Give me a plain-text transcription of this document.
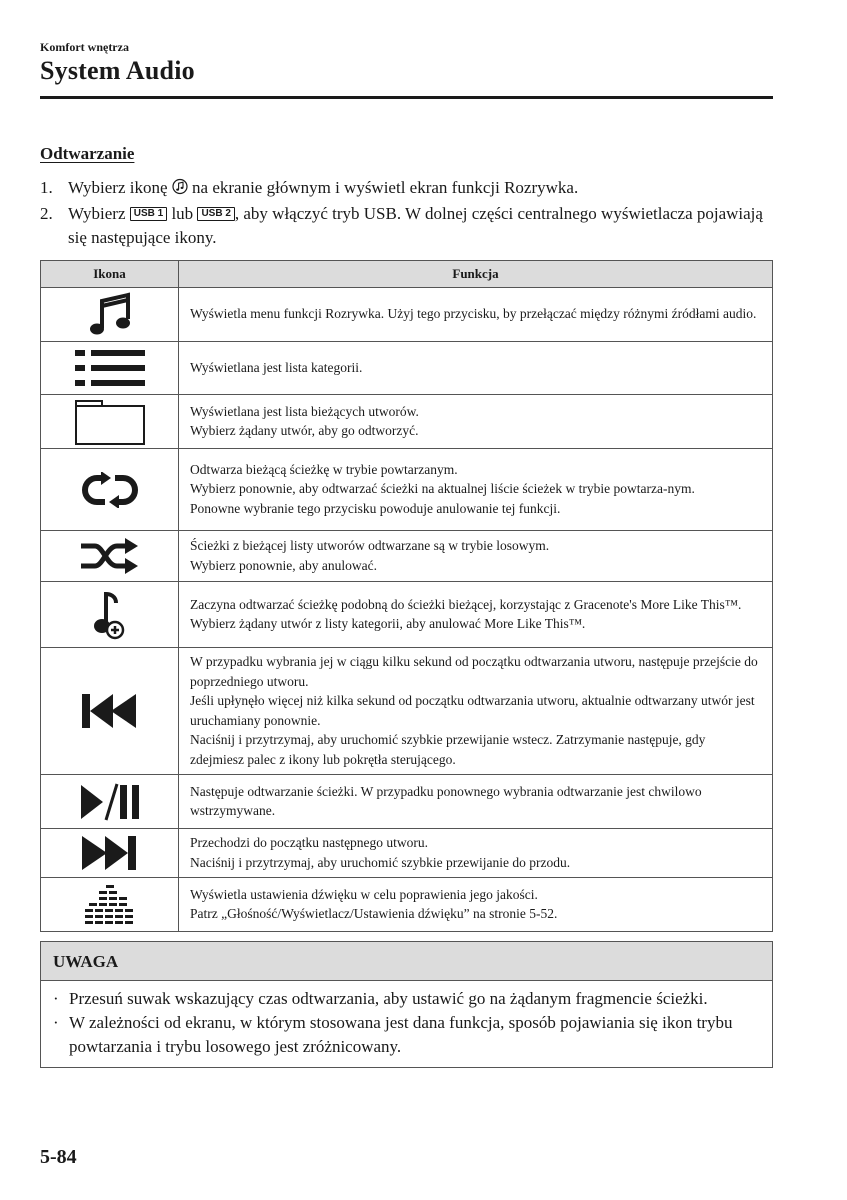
Komfort wnętrza
System Audio
Odtwarzanie
1. Wybierz ikonę  na ekranie głównym i wyświetl ekran funkcji Rozrywka.
2. Wybierz USB 1 lub USB 2 , aby włączyć tryb USB. W dolnej części centralnego wyświetlacza pojawiają się następujące ikony.
Ikona	Funkcja

Wyświetla menu funkcji Rozrywka. Użyj tego przycisku, by przełączać między różnymi źródłami audio.

Wyświetlana jest lista kategorii.

Wyświetlana jest lista bieżących utworów.
Wybierz żądany utwór, aby go odtworzyć.

Odtwarza bieżącą ścieżkę w trybie powtarzanym.
Wybierz ponownie, aby odtwarzać ścieżki na aktualnej liście ścieżek w trybie powtarza-nym.
Ponowne wybranie tego przycisku powoduje anulowanie tej funkcji.

Ścieżki z bieżącej listy utworów odtwarzane są w trybie losowym.
Wybierz ponownie, aby anulować.

Zaczyna odtwarzać ścieżkę podobną do ścieżki bieżącej, korzystając z Gracenote's More Like This™.
Wybierz żądany utwór z listy kategorii, aby anulować More Like This™.

W przypadku wybrania jej w ciągu kilku sekund od początku odtwarzania utworu, następuje przejście do poprzedniego utworu.
Jeśli upłynęło więcej niż kilka sekund od początku odtwarzania utworu, aktualnie odtwarzany utwór jest uruchamiany ponownie.
Naciśnij i przytrzymaj, aby uruchomić szybkie przewijanie wstecz. Zatrzymanie następuje, gdy zdejmiesz palec z ikony lub pokrętła sterującego.

Następuje odtwarzanie ścieżki. W przypadku ponownego wybrania odtwarzanie jest chwilowo wstrzymywane.

Przechodzi do początku następnego utworu.
Naciśnij i przytrzymaj, aby uruchomić szybkie przewijanie do przodu.

Wyświetla ustawienia dźwięku w celu poprawienia jego jakości.
Patrz „Głośność/Wyświetlacz/Ustawienia dźwięku” na stronie 5-52.
UWAGA
· Przesuń suwak wskazujący czas odtwarzania, aby ustawić go na żądanym fragmencie ścieżki.
· W zależności od ekranu, w którym stosowana jest dana funkcja, sposób pojawiania się ikon trybu powtarzania i trybu losowego jest zróżnicowany.
5-84
